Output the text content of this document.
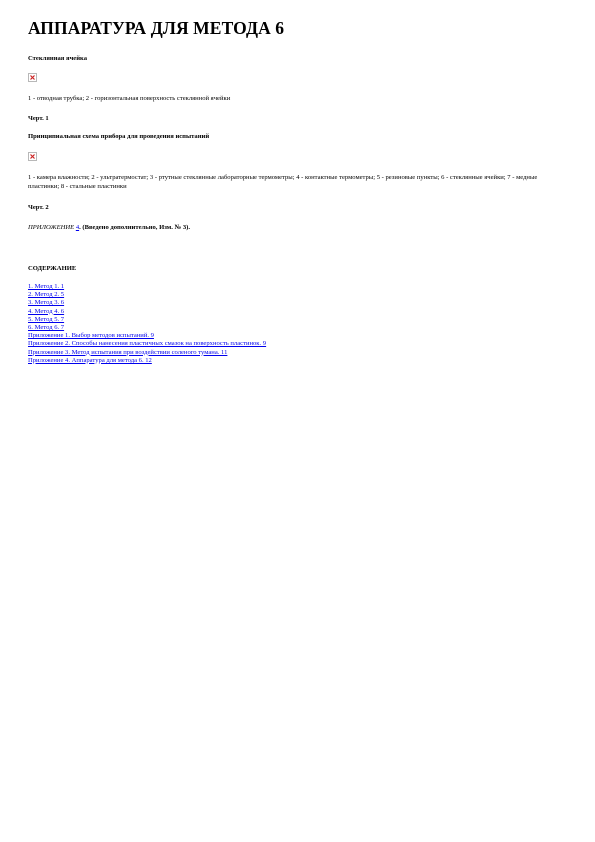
АППАРАТУРА ДЛЯ МЕТОДА 6
Стеклянная ячейка
1 - отводная трубка; 2 - горизонтальная поверхность стеклянной ячейки
Черт. 1
Принципиальная схема прибора для проведения испытаний
1 - камера влажности; 2 - ультратермостат; 3 - ртутные стеклянные лабораторные термометры; 4 - контактные термометры; 5 - резиновые пункты; 6 - стеклянные ячейки; 7 - медные пластинки; 8 - стальные пластинки
Черт. 2
ПРИЛОЖЕНИЕ 4. (Введено дополнительно, Изм. № 3).
СОДЕРЖАНИЕ
1. Метод 1. 1
2. Метод 2. 5
3. Метод 3. 6
4. Метод 4. 6
5. Метод 5. 7
6. Метод 6. 7
Приложение 1. Выбор методов испытаний. 9
Приложение 2. Способы нанесения пластичных смазок на поверхность пластинок. 9
Приложение 3. Метод испытания при воздействии соленого тумана. 11
Приложение 4. Аппаратура для метода 6. 12
